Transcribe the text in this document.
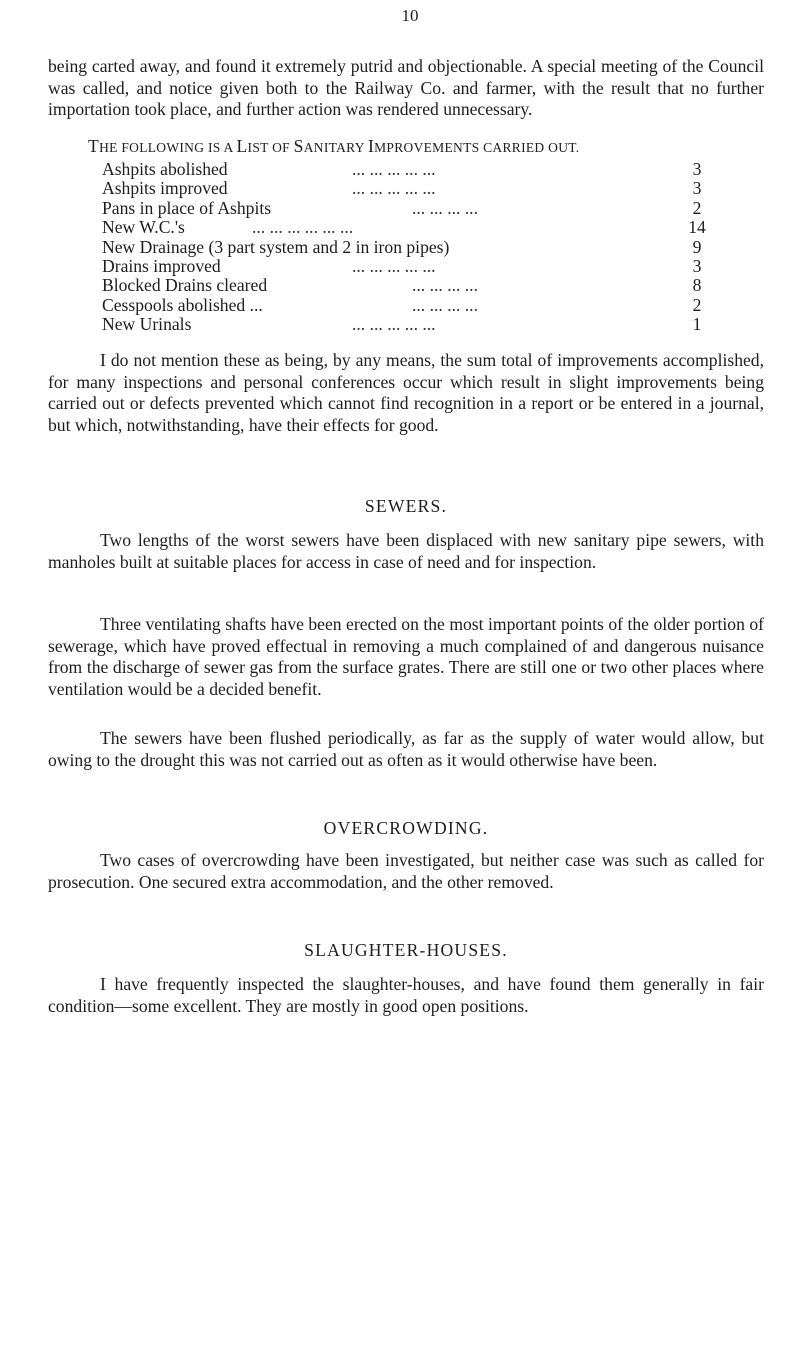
10

being carted away, and found it extremely putrid and objectionable. A special meeting of the Council was called, and notice given both to the Railway Co. and farmer, with the result that no further importation took place, and further action was rendered unnecessary.

THE FOLLOWING IS A LIST OF SANITARY IMPROVEMENTS CARRIED OUT.
Ashpits abolished	... ... ... ... ...	3
Ashpits improved	... ... ... ... ...	3
Pans in place of Ashpits	... ... ... ...	2
New W.C.'s	... ... ... ... ... ...	14
New Drainage (3 part system and 2 in iron pipes)	9
Drains improved	... ... ... ... ...	3
Blocked Drains cleared	... ... ... ...	8
Cesspools abolished ...	... ... ... ...	2
New Urinals	... ... ... ... ...	1

I do not mention these as being, by any means, the sum total of improvements accomplished, for many inspections and personal conferences occur which result in slight improvements being carried out or defects prevented which cannot find recognition in a report or be entered in a journal, but which, notwithstanding, have their effects for good.

SEWERS.

Two lengths of the worst sewers have been displaced with new sanitary pipe sewers, with manholes built at suitable places for access in case of need and for inspection.

Three ventilating shafts have been erected on the most important points of the older portion of sewerage, which have proved effectual in removing a much complained of and dangerous nuisance from the discharge of sewer gas from the surface grates. There are still one or two other places where ventilation would be a decided benefit.

The sewers have been flushed periodically, as far as the supply of water would allow, but owing to the drought this was not carried out as often as it would otherwise have been.

OVERCROWDING.

Two cases of overcrowding have been investigated, but neither case was such as called for prosecution. One secured extra accommodation, and the other removed.

SLAUGHTER-HOUSES.

I have frequently inspected the slaughter-houses, and have found them generally in fair condition—some excellent. They are mostly in good open positions.
